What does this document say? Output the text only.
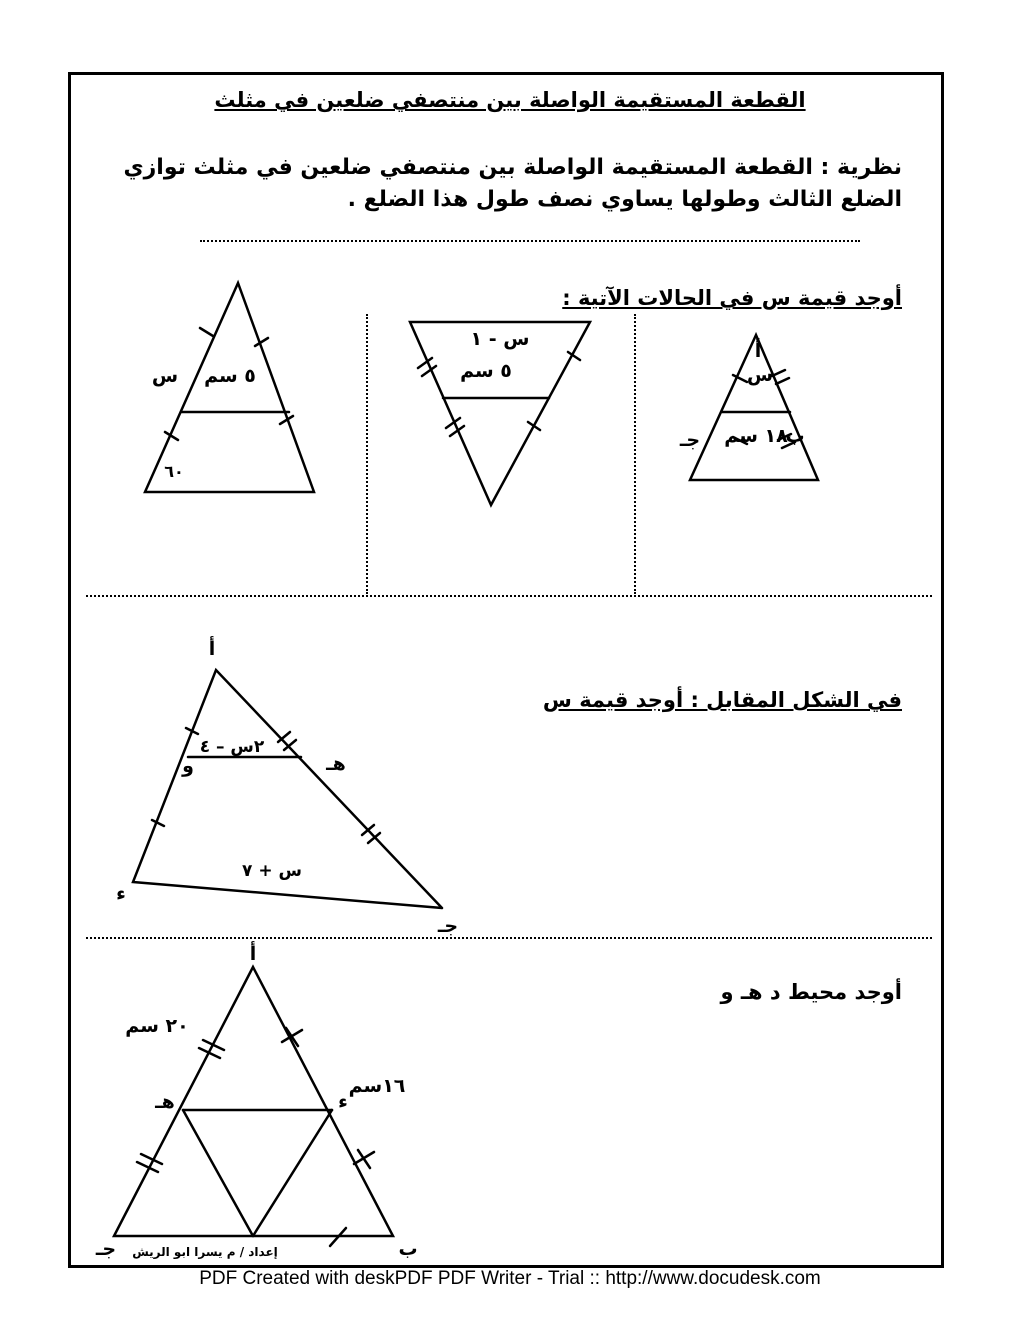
القطعة المستقيمة الواصلة بين منتصفي ضلعين في مثلث
نظرية : القطعة المستقيمة الواصلة بين منتصفي ضلعين في مثلث توازي الضلع الثالث وطولها يساوي نصف طول هذا الضلع .
أوجد قيمة س في الحالات الآتية :
في الشكل المقابل : أوجد قيمة س
أوجد محيط د هـ و
أ
س
جـ ١٨ سم
ب
س - ١
٥ سم
٥ سم
س
٦٠
أ
٢س – ٤
و	هـ
س + ٧
ء
جـ
أ
٢٠ سم
هـ
١٦سم
ء
ب
جـ إعداد / م يسرا ابو الريش
PDF Created with deskPDF PDF Writer - Trial :: http://www.docudesk.com
